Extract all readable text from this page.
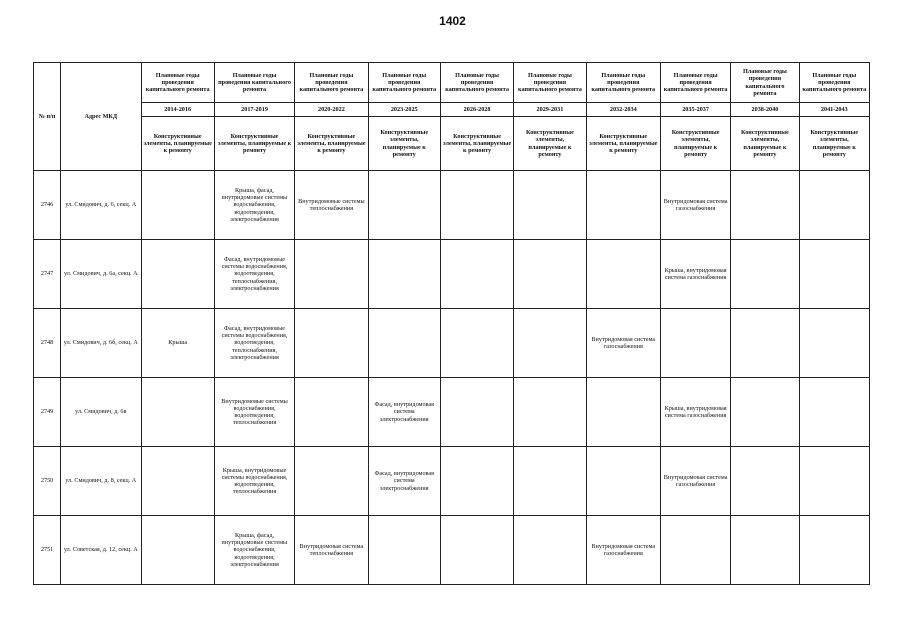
1402
№ п/п	Адрес МКД	Плановые годы проведения капитального ремонта	Плановые годы проведения капитального ремонта	Плановые годы проведения капитального ремонта	Плановые годы проведения капитального ремонта	Плановые годы проведения капитального ремонта	Плановые годы проведения капитального ремонта	Плановые годы проведения капитального ремонта	Плановые годы проведения капитального ремонта	Плановые годы проведения капитального ремонта	Плановые годы проведения капитального ремонта
		2014-2016	2017-2019	2020-2022	2023-2025	2026-2028	2029-2031	2032-2034	2035-2037	2038-2040	2041-2043
		Конструктивные элементы, планируемые к ремонту	Конструктивные элементы, планируемые к ремонту	Конструктивные элементы, планируемые к ремонту	Конструктивные элементы, планируемые к ремонту	Конструктивные элементы, планируемые к ремонту	Конструктивные элементы, планируемые к ремонту	Конструктивные элементы, планируемые к ремонту	Конструктивные элементы, планируемые к ремонту	Конструктивные элементы, планируемые к ремонту	Конструктивные элементы, планируемые к ремонту
2746	ул. Смидович, д. 6, секц. А		Крыша, фасад, внутридомовые системы водоснабжения, водоотведения, электроснабжения	Внутридомовые системы теплоснабжения					Внутридомовая система газоснабжения		
2747	ул. Смидович, д. 6а, секц. А		Фасад, внутридомовые системы водоснабжения, водоотведения, теплоснабжения, электроснабжения						Крыша, внутридомовая система газоснабжения		
2748	ул. Смидович, д. 6б, секц. А	Крыша	Фасад, внутридомовые системы водоснабжения, водоотведения, теплоснабжения, электроснабжения					Внутридомовая система газоснабжения			
2749	ул. Смидович, д. 6в		Внутридомовые системы водоснабжения, водоотведения, теплоснабжения		Фасад, внутридомовая система электроснабжения				Крыша, внутридомовая система газоснабжения		
2750	ул. Смидович, д. 8, секц. А		Крыша, внутридомовые системы водоснабжения, водоотведения, теплоснабжения		Фасад, внутридомовая система электроснабжения				Внутридомовая система газоснабжения		
2751	ул. Советская, д. 12, секц. А		Крыша, фасад, внутридомовые системы водоснабжения, водоотведения, электроснабжения	Внутридомовая система теплоснабжения				Внутридомовая система газоснабжения			
